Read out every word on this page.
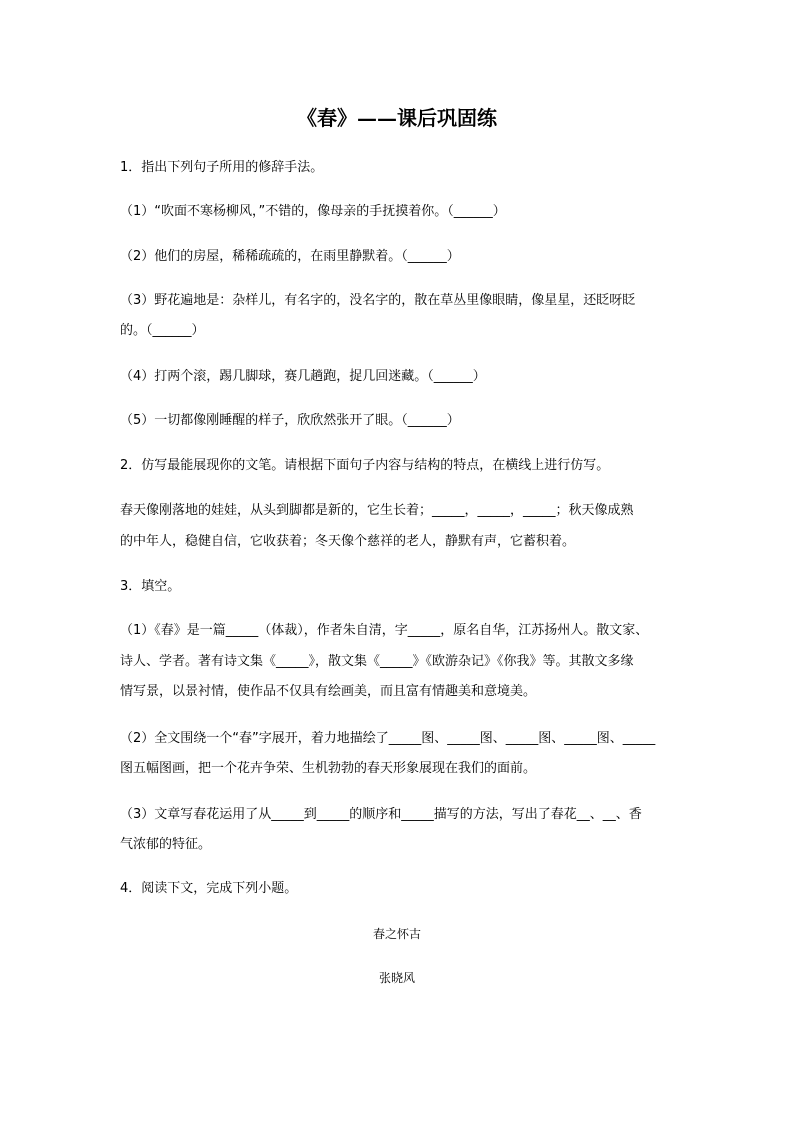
《春》——课后巩固练
1．指出下列句子所用的修辞手法。
（1）“吹面不寒杨柳风，”不错的，像母亲的手抚摸着你。（______）
（2）他们的房屋，稀稀疏疏的，在雨里静默着。（______）
（3）野花遍地是：杂样儿，有名字的，没名字的，散在草丛里像眼睛，像星星，还眨呀眨
的。（______）
（4）打两个滚，踢几脚球，赛几趟跑，捉几回迷藏。（______）
（5）一切都像刚睡醒的样子，欣欣然张开了眼。（______）
2．仿写最能展现你的文笔。请根据下面句子内容与结构的特点，在横线上进行仿写。
春天像刚落地的娃娃，从头到脚都是新的，它生长着；_____，_____，_____；秋天像成熟
的中年人，稳健自信，它收获着；冬天像个慈祥的老人，静默有声，它蓄积着。
3．填空。
（1）《春》是一篇_____（体裁），作者朱自清，字_____，原名自华，江苏扬州人。散文家、
诗人、学者。著有诗文集《_____》，散文集《_____》《欧游杂记》《你我》等。其散文多缘
情写景，以景衬情，使作品不仅具有绘画美，而且富有情趣美和意境美。
（2）全文围绕一个“春”字展开，着力地描绘了_____图、_____图、_____图、_____图、_____
图五幅图画，把一个花卉争荣、生机勃勃的春天形象展现在我们的面前。
（3）文章写春花运用了从_____到_____的顺序和_____描写的方法，写出了春花__、__、香
气浓郁的特征。
4．阅读下文，完成下列小题。
春之怀古
张晓风
